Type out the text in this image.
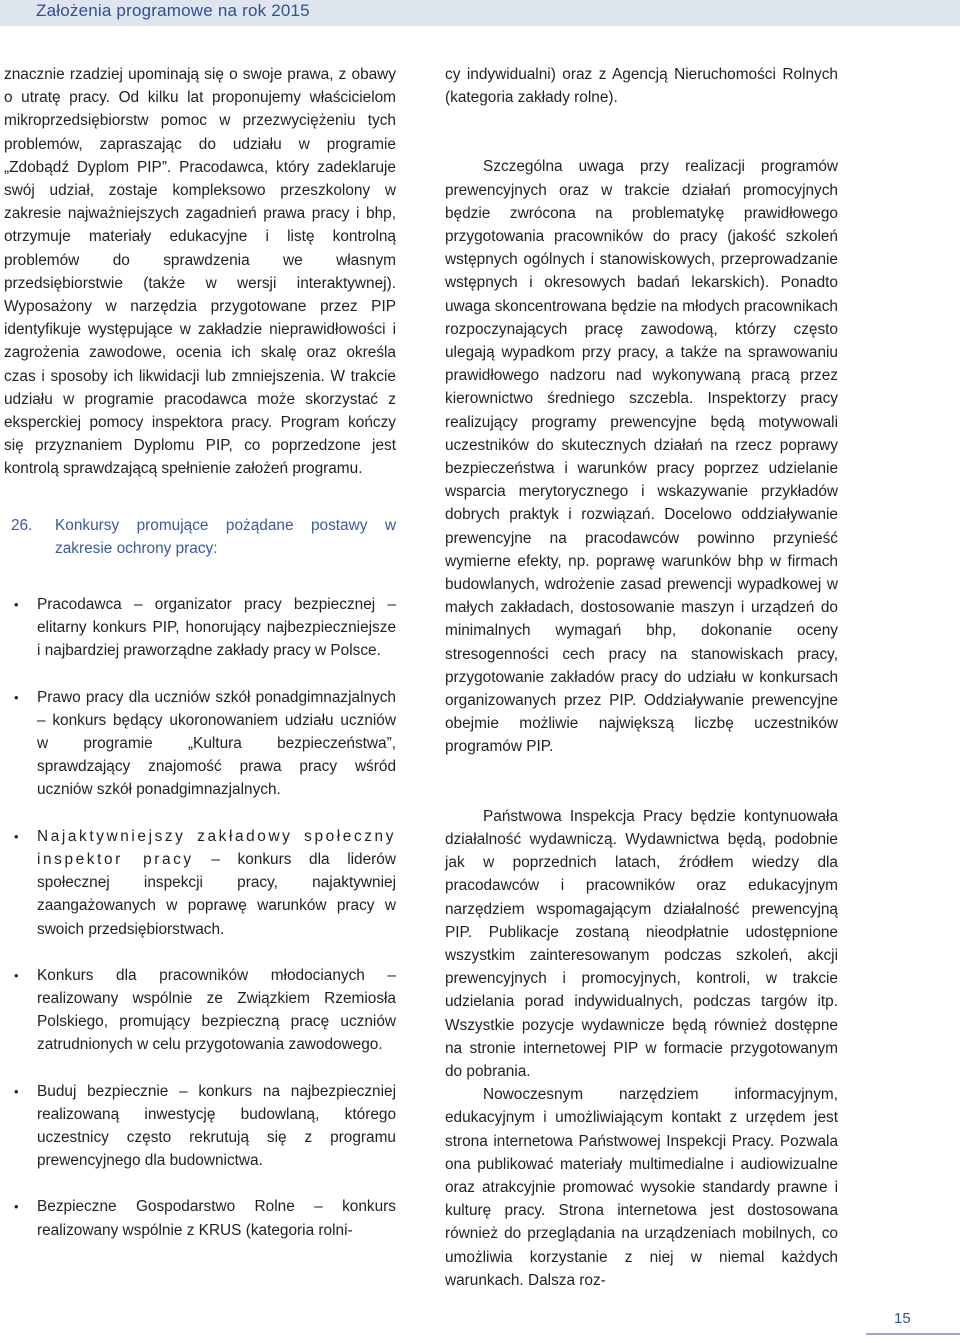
Założenia programowe na rok 2015

znacznie rzadziej upominają się o swoje prawa, z obawy o utratę pracy. Od kilku lat proponujemy właścicielom mikroprzedsiębiorstw pomoc w przezwyciężeniu tych problemów, zapraszając do udziału w programie „Zdobądź Dyplom PIP”. Pracodawca, który zadeklaruje swój udział, zostaje kompleksowo przeszkolony w zakresie najważniejszych zagadnień prawa pracy i bhp, otrzymuje materiały edukacyjne i listę kontrolną problemów do sprawdzenia we własnym przedsiębiorstwie (także w wersji interaktywnej). Wyposażony w narzędzia przygotowane przez PIP identyfikuje występujące w zakładzie nieprawidłowości i zagrożenia zawodowe, ocenia ich skalę oraz określa czas i sposoby ich likwidacji lub zmniejszenia. W trakcie udziału w programie pracodawca może skorzystać z eksperckiej pomocy inspektora pracy. Program kończy się przyznaniem Dyplomu PIP, co poprzedzone jest kontrolą sprawdzającą spełnienie założeń programu.

26.	Konkursy promujące pożądane postawy w zakresie ochrony pracy:
• Pracodawca – organizator pracy bezpiecznej – elitarny konkurs PIP, honorujący najbezpieczniejsze i najbardziej praworządne zakłady pracy w Polsce.
• Prawo pracy dla uczniów szkół ponadgimnazjalnych – konkurs będący ukoronowaniem udziału uczniów w programie „Kultura bezpieczeństwa”, sprawdzający znajomość prawa pracy wśród uczniów szkół ponadgimnazjalnych.
• Najaktywniejszy zakładowy społeczny inspektor pracy – konkurs dla liderów społecznej inspekcji pracy, najaktywniej zaangażowanych w poprawę warunków pracy w swoich przedsiębiorstwach.
• Konkurs dla pracowników młodocianych – realizowany wspólnie ze Związkiem Rzemiosła Polskiego, promujący bezpieczną pracę uczniów zatrudnionych w celu przygotowania zawodowego.
• Buduj bezpiecznie – konkurs na najbezpieczniej realizowaną inwestycję budowlaną, którego uczestnicy często rekrutują się z programu prewencyjnego dla budownictwa.
• Bezpieczne Gospodarstwo Rolne – konkurs realizowany wspólnie z KRUS (kategoria rolni-

cy indywidualni) oraz z Agencją Nieruchomości Rolnych (kategoria zakłady rolne).

Szczególna uwaga przy realizacji programów prewencyjnych oraz w trakcie działań promocyjnych będzie zwrócona na problematykę prawidłowego przygotowania pracowników do pracy (jakość szkoleń wstępnych ogólnych i stanowiskowych, przeprowadzanie wstępnych i okresowych badań lekarskich). Ponadto uwaga skoncentrowana będzie na młodych pracownikach rozpoczynających pracę zawodową, którzy często ulegają wypadkom przy pracy, a także na sprawowaniu prawidłowego nadzoru nad wykonywaną pracą przez kierownictwo średniego szczebla. Inspektorzy pracy realizujący programy prewencyjne będą motywowali uczestników do skutecznych działań na rzecz poprawy bezpieczeństwa i warunków pracy poprzez udzielanie wsparcia merytorycznego i wskazywanie przykładów dobrych praktyk i rozwiązań. Docelowo oddziaływanie prewencyjne na pracodawców powinno przynieść wymierne efekty, np. poprawę warunków bhp w firmach budowlanych, wdrożenie zasad prewencji wypadkowej w małych zakładach, dostosowanie maszyn i urządzeń do minimalnych wymagań bhp, dokonanie oceny stresogenności cech pracy na stanowiskach pracy, przygotowanie zakładów pracy do udziału w konkursach organizowanych przez PIP. Oddziaływanie prewencyjne obejmie możliwie największą liczbę uczestników programów PIP.

Państwowa Inspekcja Pracy będzie kontynuowała działalność wydawniczą. Wydawnictwa będą, podobnie jak w poprzednich latach, źródłem wiedzy dla pracodawców i pracowników oraz edukacyjnym narzędziem wspomagającym działalność prewencyjną PIP. Publikacje zostaną nieodpłatnie udostępnione wszystkim zainteresowanym podczas szkoleń, akcji prewencyjnych i promocyjnych, kontroli, w trakcie udzielania porad indywidualnych, podczas targów itp. Wszystkie pozycje wydawnicze będą również dostępne na stronie internetowej PIP w formacie przygotowanym do pobrania.

Nowoczesnym narzędziem informacyjnym, edukacyjnym i umożliwiającym kontakt z urzędem jest strona internetowa Państwowej Inspekcji Pracy. Pozwala ona publikować materiały multimedialne i audiowizualne oraz atrakcyjnie promować wysokie standardy prawne i kulturę pracy. Strona internetowa jest dostosowana również do przeglądania na urządzeniach mobilnych, co umożliwia korzystanie z niej w niemal każdych warunkach. Dalsza roz-

15
